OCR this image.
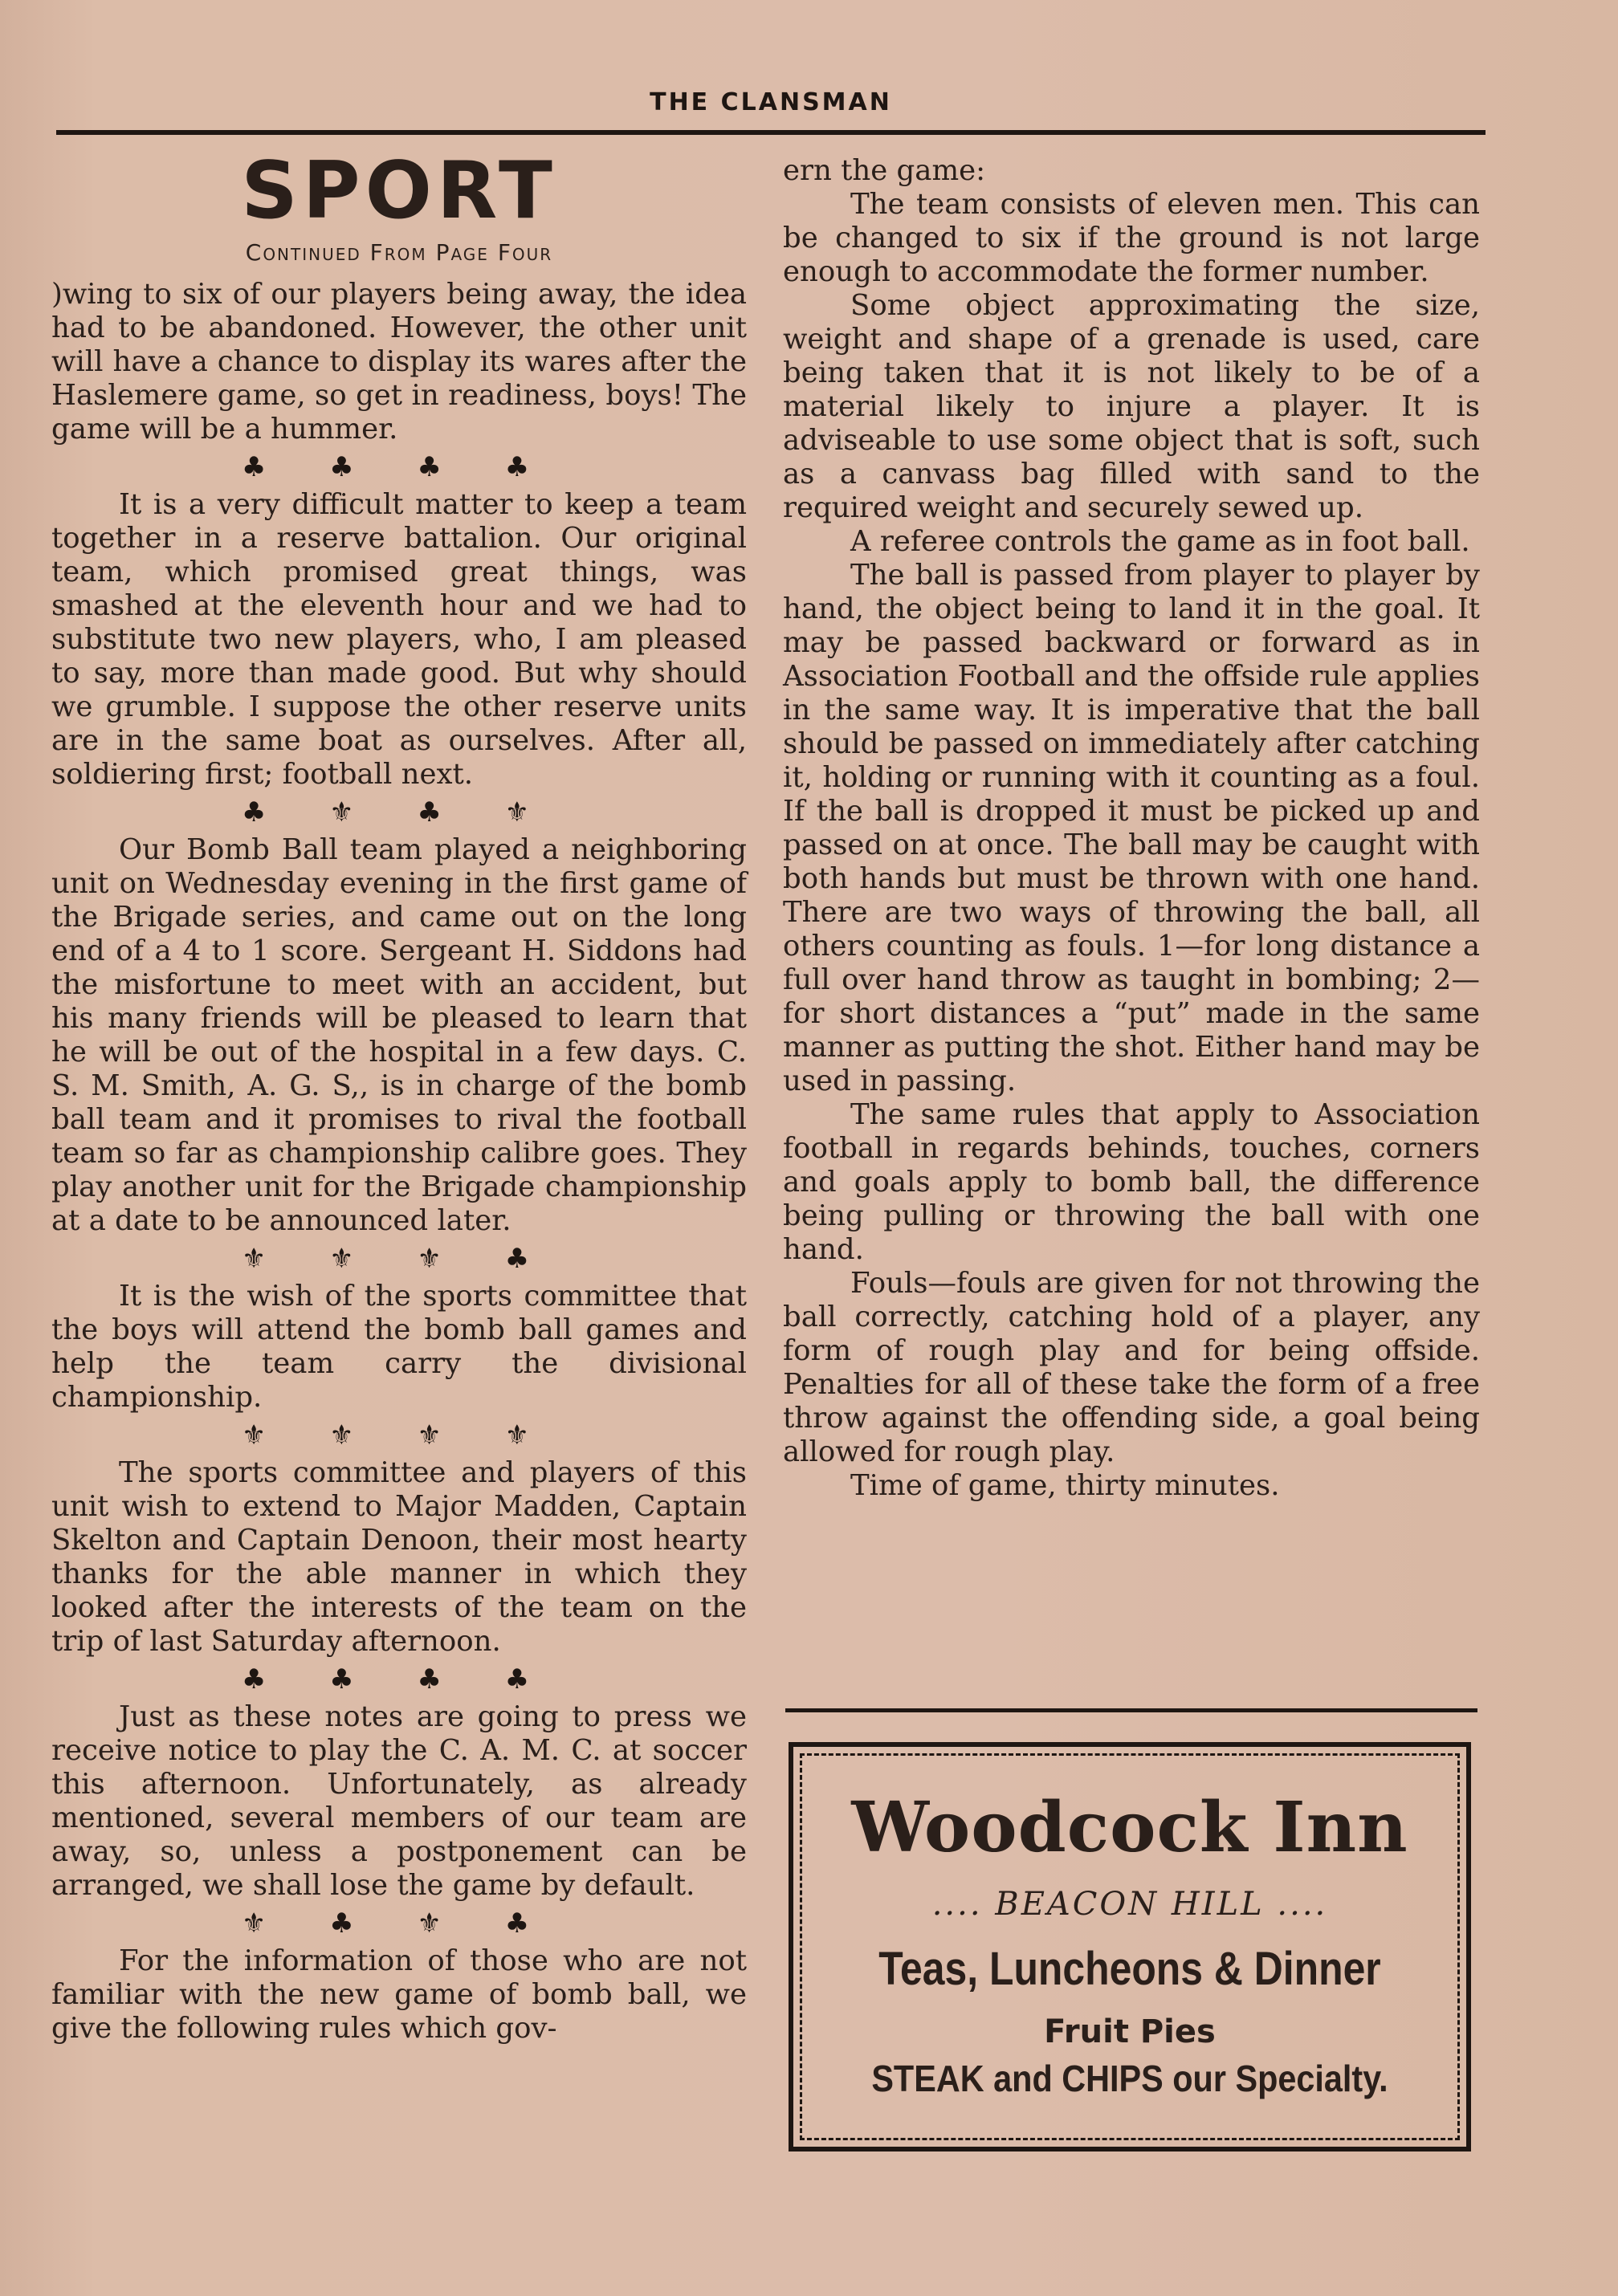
THE CLANSMAN
SPORT
Continued From Page Four

)wing to six of our players being away, the idea had to be abandoned. However, the other unit will have a chance to display its wares after the Haslemere game, so get in readiness, boys! The game will be a hummer.

♣ ♣ ♣ ♣

It is a very difficult matter to keep a team together in a reserve battalion. Our original team, which promised great things, was smashed at the eleventh hour and we had to substitute two new players, who, I am pleased to say, more than made good. But why should we grumble. I suppose the other reserve units are in the same boat as ourselves. After all, soldiering first; football next.

♣ ⚜ ♣ ⚜

Our Bomb Ball team played a neighboring unit on Wednesday evening in the first game of the Brigade series, and came out on the long end of a 4 to 1 score. Sergeant H. Siddons had the misfortune to meet with an accident, but his many friends will be pleased to learn that he will be out of the hospital in a few days. C. S. M. Smith, A. G. S,, is in charge of the bomb ball team and it promises to rival the football team so far as championship calibre goes. They play another unit for the Brigade championship at a date to be announced later.

⚜ ⚜ ⚜ ♣

It is the wish of the sports committee that the boys will attend the bomb ball games and help the team carry the divisional championship.

⚜ ⚜ ⚜ ⚜

The sports committee and players of this unit wish to extend to Major Madden, Captain Skelton and Captain Denoon, their most hearty thanks for the able manner in which they looked after the interests of the team on the trip of last Saturday afternoon.

♣ ♣ ♣ ♣

Just as these notes are going to press we receive notice to play the C. A. M. C. at soccer this afternoon. Unfortunately, as already mentioned, several members of our team are away, so, unless a postponement can be arranged, we shall lose the game by default.

⚜ ♣ ⚜ ♣

For the information of those who are not familiar with the new game of bomb ball, we give the following rules which gov-

ern the game:

The team consists of eleven men. This can be changed to six if the ground is not large enough to accommodate the former number.

Some object approximating the size, weight and shape of a grenade is used, care being taken that it is not likely to be of a material likely to injure a player. It is adviseable to use some object that is soft, such as a canvass bag filled with sand to the required weight and securely sewed up.

A referee controls the game as in foot ball.

The ball is passed from player to player by hand, the object being to land it in the goal. It may be passed backward or forward as in Association Football and the offside rule applies in the same way. It is imperative that the ball should be passed on immediately after catching it, holding or running with it counting as a foul. If the ball is dropped it must be picked up and passed on at once. The ball may be caught with both hands but must be thrown with one hand. There are two ways of throwing the ball, all others counting as fouls. 1—for long distance a full over hand throw as taught in bombing; 2—for short distances a “put” made in the same manner as putting the shot. Either hand may be used in passing.

The same rules that apply to Association football in regards behinds, touches, corners and goals apply to bomb ball, the difference being pulling or throwing the ball with one hand.

Fouls—fouls are given for not throwing the ball correctly, catching hold of a player, any form of rough play and for being offside. Penalties for all of these take the form of a free throw against the offending side, a goal being allowed for rough play.

Time of game, thirty minutes.

Woodcock Inn
.... BEACON HILL ....
Teas, Luncheons & Dinner
Fruit Pies
STEAK and CHIPS our Specialty.
